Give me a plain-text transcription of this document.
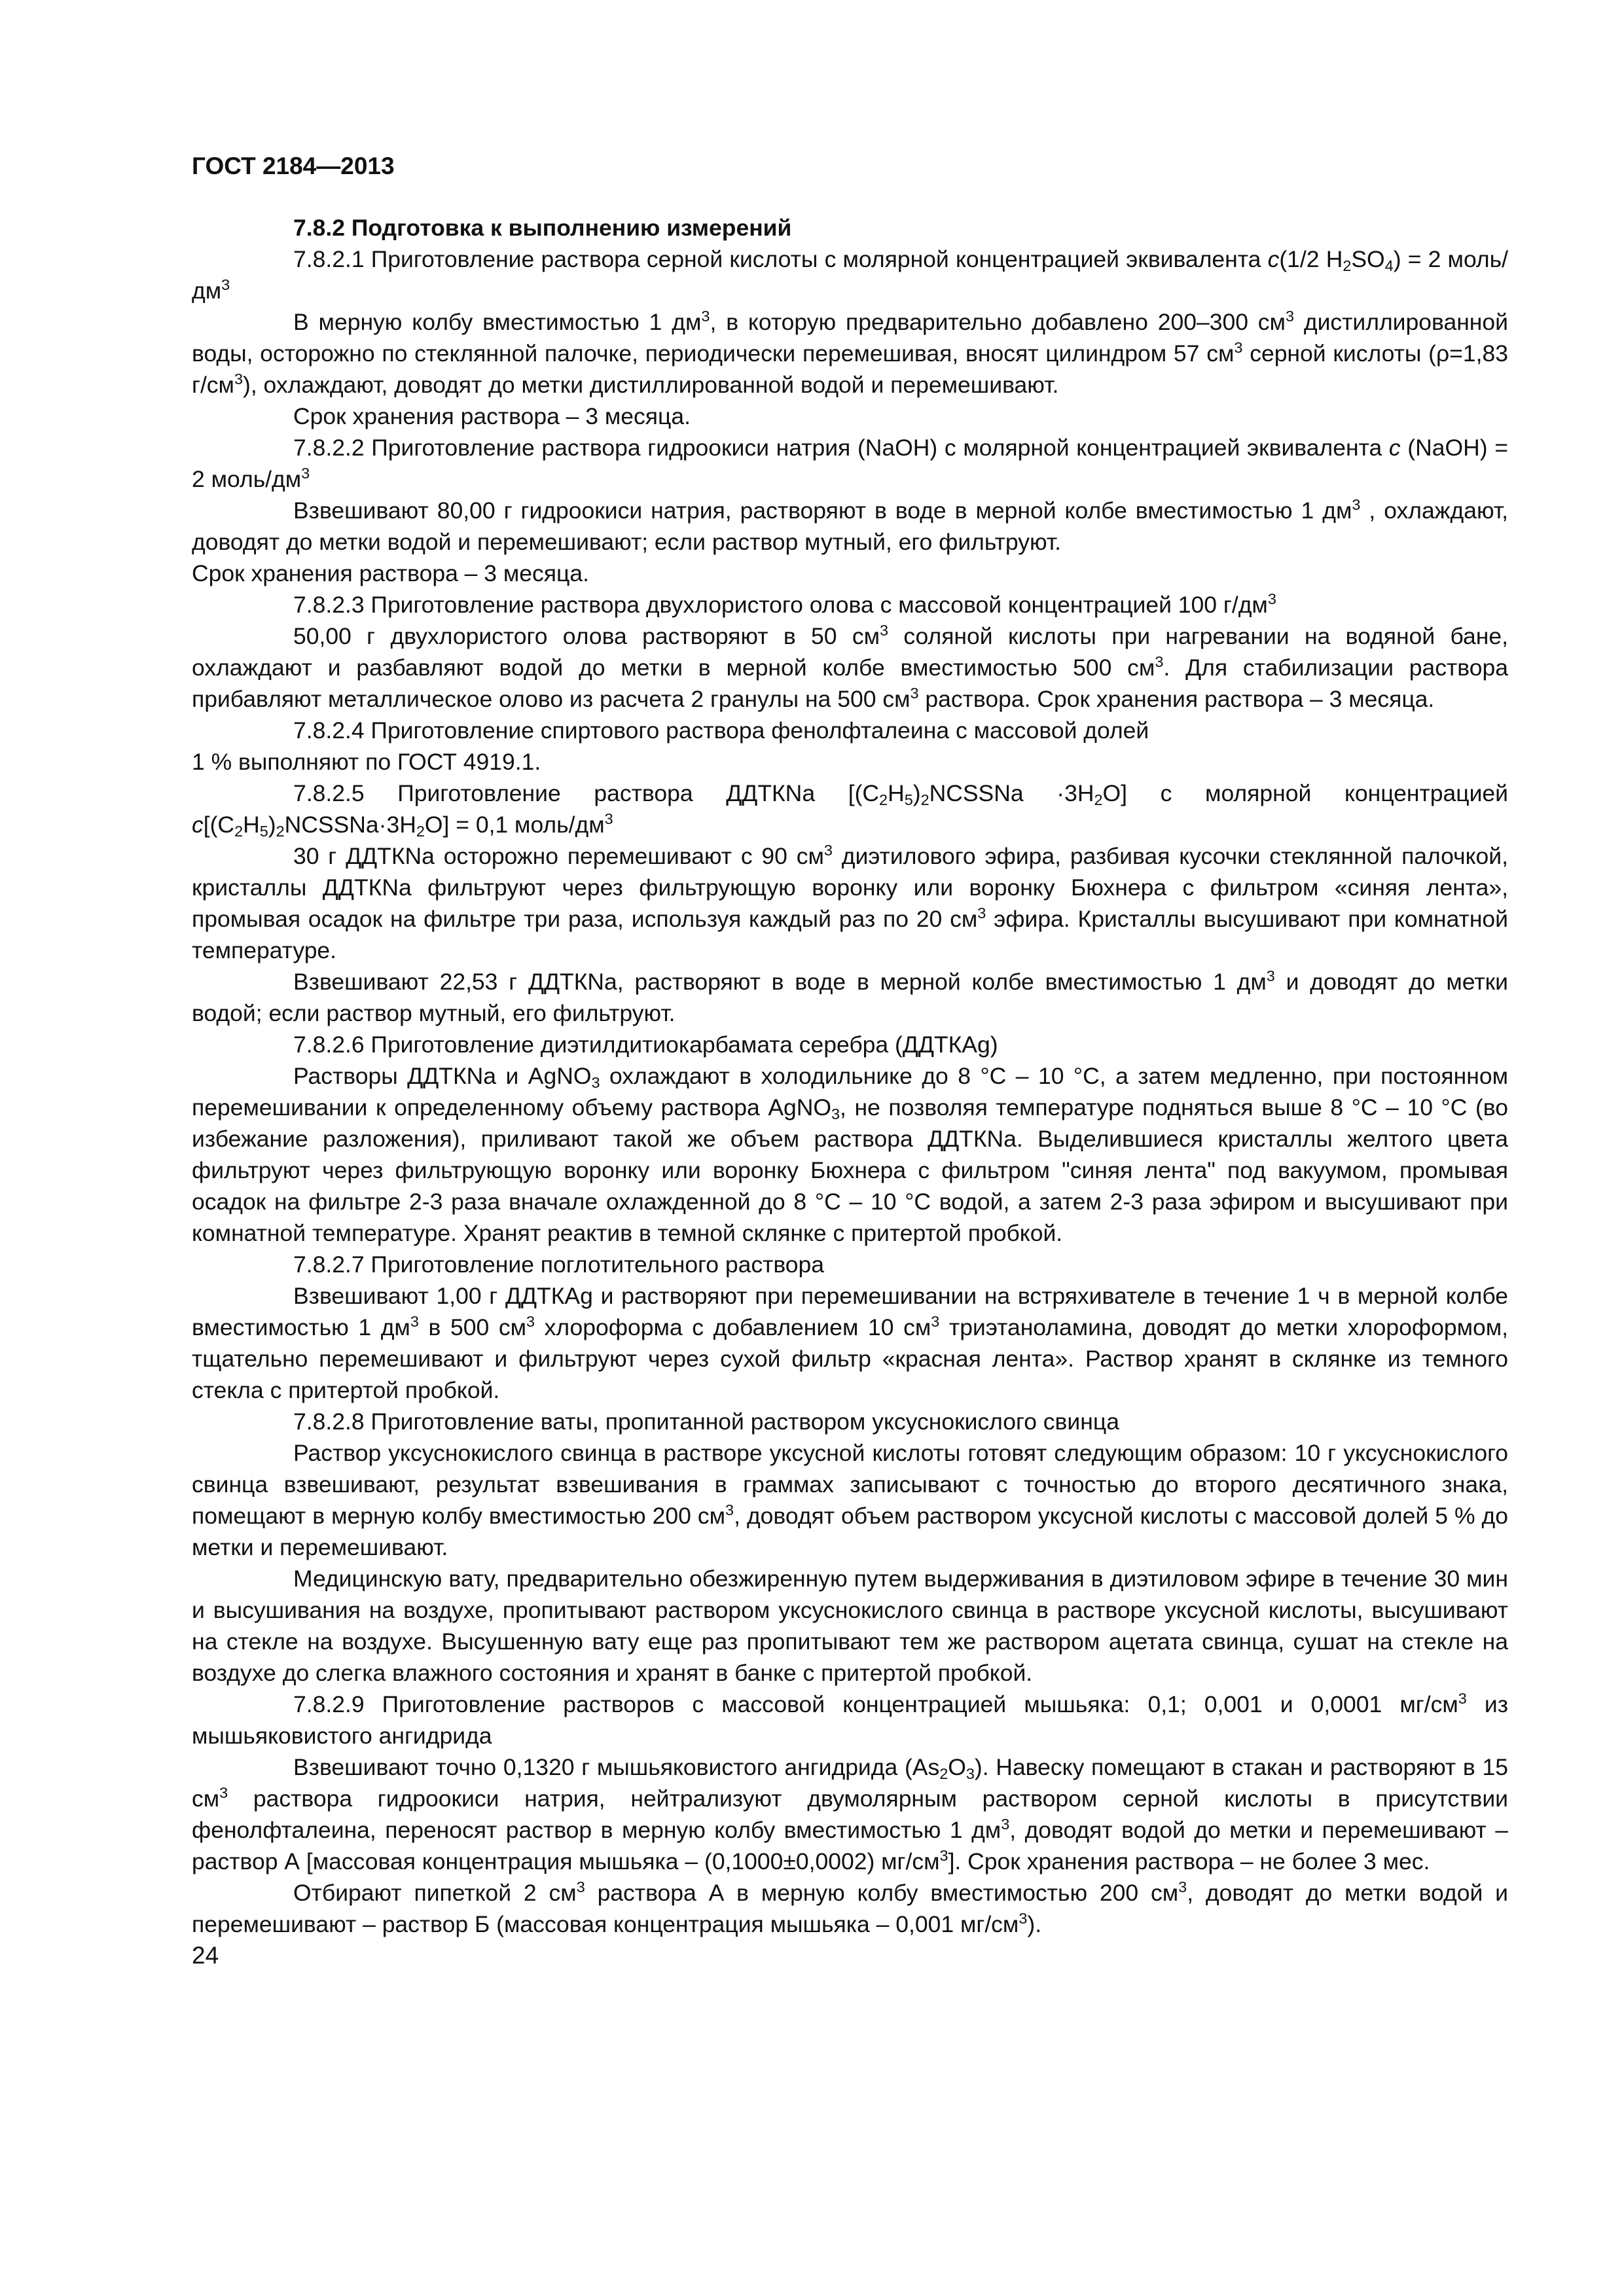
ГОСТ 2184—2013
7.8.2 Подготовка к выполнению измерений

7.8.2.1 Приготовление раствора серной кислоты с молярной концентрацией эквивалента с(1/2 $H_2SO_4) = 2$ моль/$дм^3$

В мерную колбу вместимостью 1 $дм^3$, в которую предварительно добавлено 200–300 $см^3$ дистиллированной воды, осторожно по стеклянной палочке, периодически перемешивая, вносят цилиндром 57 $см^3$ серной кислоты (ρ=1,83 $г/см^3$), охлаждают, доводят до метки дистиллированной водой и перемешивают.

Срок хранения раствора – 3 месяца.

7.8.2.2 Приготовление раствора гидроокиси натрия (NaOH) с молярной концентрацией эквивалента с (NaOH) = 2 моль/$дм^3$

Взвешивают 80,00 г гидроокиси натрия, растворяют в воде в мерной колбе вместимостью 1 $дм^3$ , охлаждают, доводят до метки водой и перемешивают; если раствор мутный, его фильтруют.

Срок хранения раствора – 3 месяца.

7.8.2.3 Приготовление раствора двухлористого олова с массовой концентрацией 100 $г/дм^3$

50,00 г двухлористого олова растворяют в 50 $см^3$ соляной кислоты при нагревании на водяной бане, охлаждают и разбавляют водой до метки в мерной колбе вместимостью 500 $см^3$. Для стабилизации раствора прибавляют металлическое олово из расчета 2 гранулы на 500 $см^3$ раствора. Срок хранения раствора – 3 месяца.

7.8.2.4 Приготовление спиртового раствора фенолфталеина с массовой долей

1 % выполняют по ГОСТ 4919.1.

7.8.2.5 Приготовление раствора ДДТКNa $[(C_2H_5)_2NCSSNa \cdot 3H_2O]$ с молярной концентрацией $с[(C_2H_5)_2NCSSNa\cdot 3H_2O] = 0,1$ моль/$дм^3$

30 г ДДТКNa осторожно перемешивают с 90 $см^3$ диэтилового эфира, разбивая кусочки стеклянной палочкой, кристаллы ДДТКNa фильтруют через фильтрующую воронку или воронку Бюхнера с фильтром «синяя лента», промывая осадок на фильтре три раза, используя каждый раз по 20 $см^3$ эфира. Кристаллы высушивают при комнатной температуре.

Взвешивают 22,53 г ДДТКNa, растворяют в воде в мерной колбе вместимостью 1 $дм^3$ и доводят до метки водой; если раствор мутный, его фильтруют.

7.8.2.6 Приготовление диэтилдитиокарбамата серебра (ДДТКAg)

Растворы ДДТКNa и AgNO$_3$ охлаждают в холодильнике до 8 °С – 10 °С, а затем медленно, при постоянном перемешивании к определенному объему раствора AgNO$_3$, не позволяя температуре подняться выше 8 °С – 10 °С (во избежание разложения), приливают такой же объем раствора ДДТКNa. Выделившиеся кристаллы желтого цвета фильтруют через фильтрующую воронку или воронку Бюхнера с фильтром "синяя лента" под вакуумом, промывая осадок на фильтре 2-3 раза вначале охлажденной до 8 °С – 10 °С водой, а затем 2-3 раза эфиром и высушивают при комнатной температуре. Хранят реактив в темной склянке с притертой пробкой.

7.8.2.7 Приготовление поглотительного раствора

Взвешивают 1,00 г ДДТКAg и растворяют при перемешивании на встряхивателе в течение 1 ч в мерной колбе вместимостью 1 $дм^3$ в 500 $см^3$ хлороформа с добавлением 10 $см^3$ триэтаноламина, доводят до метки хлороформом, тщательно перемешивают и фильтруют через сухой фильтр «красная лента». Раствор хранят в склянке из темного стекла с притертой пробкой.

7.8.2.8 Приготовление ваты, пропитанной раствором уксуснокислого свинца

Раствор уксуснокислого свинца в растворе уксусной кислоты готовят следующим образом: 10 г уксуснокислого свинца взвешивают, результат взвешивания в граммах записывают с точностью до второго десятичного знака, помещают в мерную колбу вместимостью 200 $см^3$, доводят объем раствором уксусной кислоты с массовой долей 5 % до метки и перемешивают.

Медицинскую вату, предварительно обезжиренную путем выдерживания в диэтиловом эфире в течение 30 мин и высушивания на воздухе, пропитывают раствором уксуснокислого свинца в растворе уксусной кислоты, высушивают на стекле на воздухе. Высушенную вату еще раз пропитывают тем же раствором ацетата свинца, сушат на стекле на воздухе до слегка влажного состояния и хранят в банке с притертой пробкой.

7.8.2.9 Приготовление растворов с массовой концентрацией мышьяка: 0,1; 0,001 и 0,0001 $мг/см^3$ из мышьяковистого ангидрида

Взвешивают точно 0,1320 г мышьяковистого ангидрида $(As_2O_3)$. Навеску помещают в стакан и растворяют в 15 $см^3$ раствора гидроокиси натрия, нейтрализуют двумолярным раствором серной кислоты в присутствии фенолфталеина, переносят раствор в мерную колбу вместимостью 1 $дм^3$, доводят водой до метки и перемешивают – раствор А [массовая концентрация мышьяка – (0,1000±0,0002) $мг/см^3$]. Срок хранения раствора – не более 3 мес.

Отбирают пипеткой 2 $см^3$ раствора А в мерную колбу вместимостью 200 $см^3$, доводят до метки водой и перемешивают – раствор Б (массовая концентрация мышьяка – 0,001 $мг/см^3$).

24
